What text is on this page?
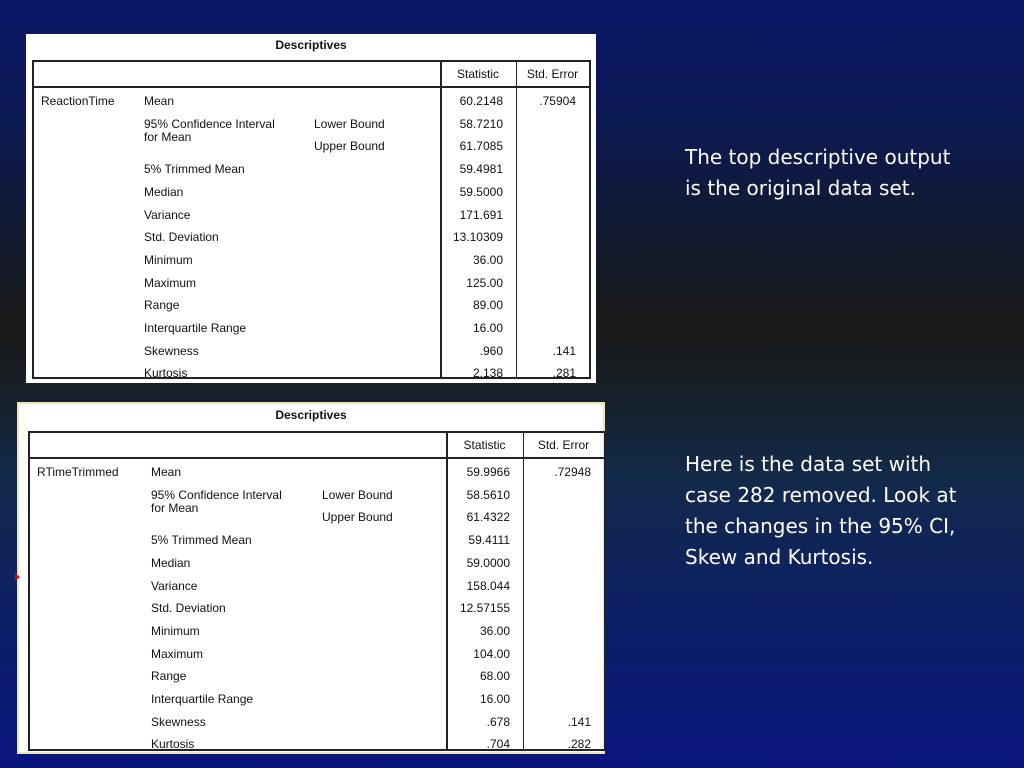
Descriptives
Statistic	Std. Error
ReactionTime Mean	60.2148	.75904
95% Confidence Interval
for Mean
Lower Bound	58.7210
Upper Bound	61.7085
5% Trimmed Mean	59.4981
Median	59.5000
Variance	171.691
Std. Deviation	13.10309
Minimum	36.00
Maximum	125.00
Range	89.00
Interquartile Range	16.00
Skewness	.960	.141
Kurtosis	2.138	.281
Descriptives
Statistic	Std. Error
RTimeTrimmed	Mean	59.9966	.72948
95% Confidence Interval
for Mean
Lower Bound	58.5610
Upper Bound	61.4322
5% Trimmed Mean	59.4111
Median	59.0000
Variance	158.044
Std. Deviation	12.57155
Minimum	36.00
Maximum	104.00
Range	68.00
Interquartile Range	16.00
Skewness	.678	.141
Kurtosis	.704	.282
The top descriptive output is the original data set.
Here is the data set with case 282 removed. Look at the changes in the 95% CI, Skew and Kurtosis.
